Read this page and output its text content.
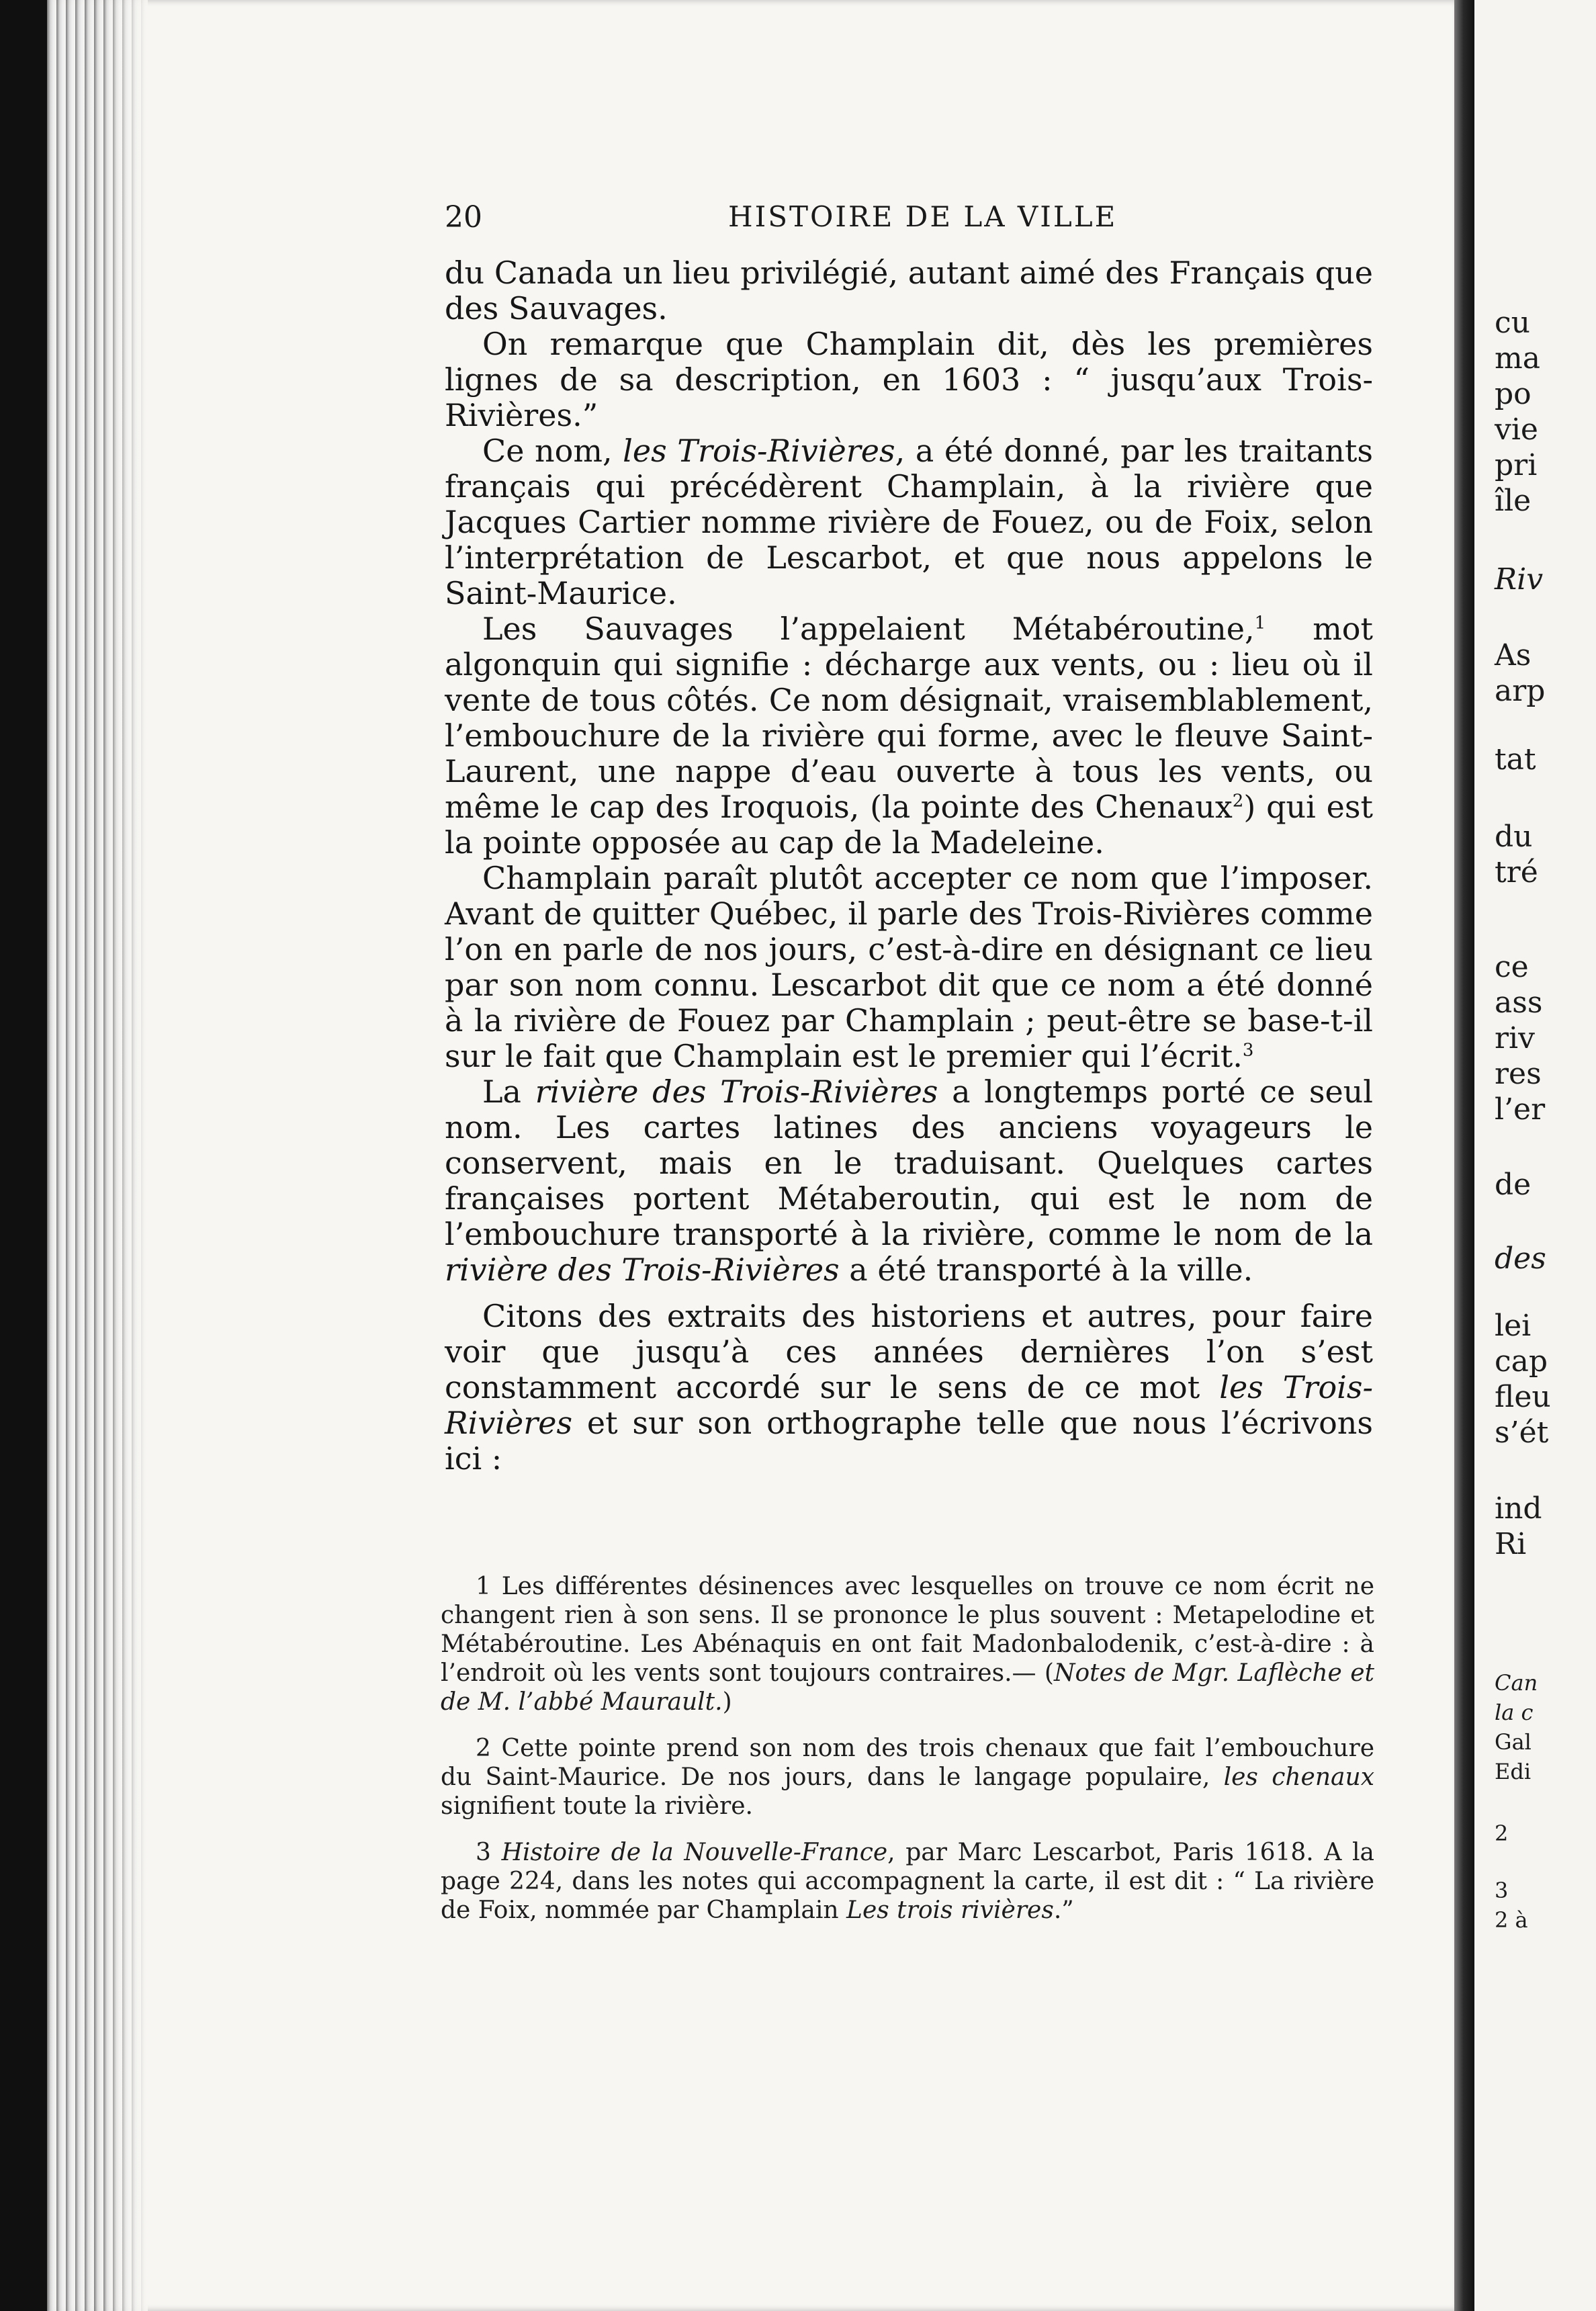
cu
ma
po
vie
pri
île
Riv
As
arp
tat
du
tré
ce
ass
riv
res
l’er
de
des
lei
cap
fleu
s’ét
ind
Ri
Can
la c
Gal
Edi
2
3
2 à
20	HISTOIRE DE LA VILLE

du Canada un lieu privilégié, autant aimé des Français que des Sauvages.

On remarque que Champlain dit, dès les premières lignes de sa description, en 1603 : “ jusqu’aux Trois-Rivières.”

Ce nom, les Trois-Rivières, a été donné, par les traitants français qui précédèrent Champlain, à la rivière que Jacques Cartier nomme rivière de Fouez, ou de Foix, selon l’interprétation de Lescarbot, et que nous appelons le Saint-Maurice.

Les Sauvages l’appelaient Métabéroutine,$^1$ mot algonquin qui signifie : décharge aux vents, ou : lieu où il vente de tous côtés. Ce nom désignait, vraisemblablement, l’embouchure de la rivière qui forme, avec le fleuve Saint-Laurent, une nappe d’eau ouverte à tous les vents, ou même le cap des Iroquois, (la pointe des Chenaux$^2$) qui est la pointe opposée au cap de la Madeleine.

Champlain paraît plutôt accepter ce nom que l’imposer. Avant de quitter Québec, il parle des Trois-Rivières comme l’on en parle de nos jours, c’est-à-dire en désignant ce lieu par son nom connu. Lescarbot dit que ce nom a été donné à la rivière de Fouez par Champlain ; peut-être se base-t-il sur le fait que Champlain est le premier qui l’écrit.$^3$

La rivière des Trois-Rivières a longtemps porté ce seul nom. Les cartes latines des anciens voyageurs le conservent, mais en le traduisant. Quelques cartes françaises portent Métaberoutin, qui est le nom de l’embouchure transporté à la rivière, comme le nom de la rivière des Trois-Rivières a été transporté à la ville.

Citons des extraits des historiens et autres, pour faire voir que jusqu’à ces années dernières l’on s’est constamment accordé sur le sens de ce mot les Trois-Rivières et sur son orthographe telle que nous l’écrivons ici :

1 Les différentes désinences avec lesquelles on trouve ce nom écrit ne changent rien à son sens. Il se prononce le plus souvent : Metapelodine et Métabéroutine. Les Abénaquis en ont fait Madonbalodenik, c’est-à-dire : à l’endroit où les vents sont toujours contraires.— (Notes de Mgr. Laflèche et de M. l’abbé Maurault.)

2 Cette pointe prend son nom des trois chenaux que fait l’embouchure du Saint-Maurice. De nos jours, dans le langage populaire, les chenaux signifient toute la rivière.

3 Histoire de la Nouvelle-France, par Marc Lescarbot, Paris 1618. A la page 224, dans les notes qui accompagnent la carte, il est dit : “ La rivière de Foix, nommée par Champlain Les trois rivières.”
